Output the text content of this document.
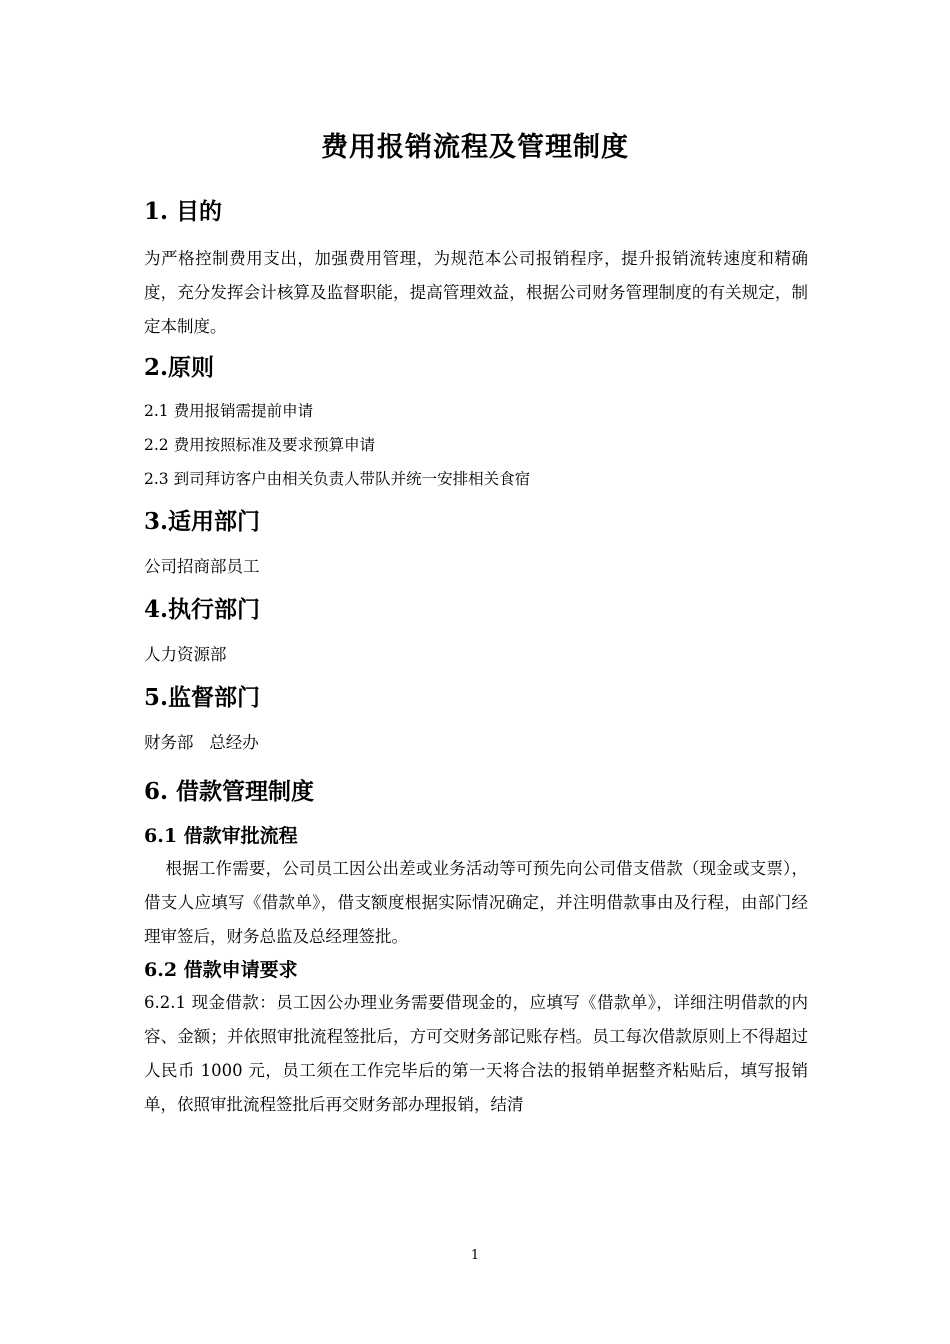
费用报销流程及管理制度
1. 目的

为严格控制费用支出，加强费用管理，为规范本公司报销程序，提升报销流转速度和精确度，充分发挥会计核算及监督职能，提高管理效益，根据公司财务管理制度的有关规定，制定本制度。

2.原则
2.1 费用报销需提前申请
2.2 费用按照标准及要求预算申请
2.3 到司拜访客户由相关负责人带队并统一安排相关食宿
3.适用部门

公司招商部员工

4.执行部门

人力资源部

5.监督部门

财务部   总经办

6. 借款管理制度
6.1 借款审批流程

根据工作需要，公司员工因公出差或业务活动等可预先向公司借支借款（现金或支票），借支人应填写《借款单》，借支额度根据实际情况确定，并注明借款事由及行程，由部门经理审签后，财务总监及总经理签批。

6.2 借款申请要求

6.2.1 现金借款：员工因公办理业务需要借现金的，应填写《借款单》，详细注明借款的内容、金额；并依照审批流程签批后，方可交财务部记账存档。员工每次借款原则上不得超过人民币 1000 元，员工须在工作完毕后的第一天将合法的报销单据整齐粘贴后，填写报销单，依照审批流程签批后再交财务部办理报销，结清

1
